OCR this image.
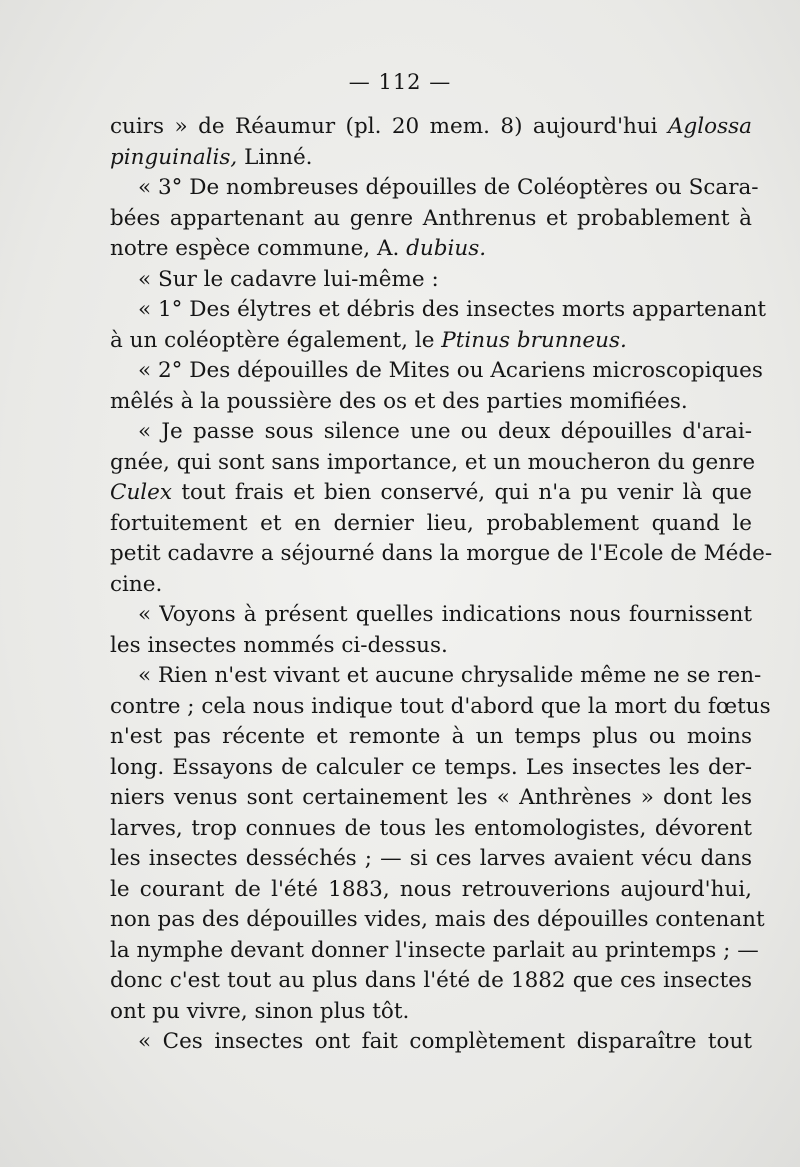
— 112 —
cuirs » de Réaumur (pl. 20 mem. 8) aujourd'hui Aglossa
pinguinalis, Linné.
« 3° De nombreuses dépouilles de Coléoptères ou Scara-
bées appartenant au genre Anthrenus et probablement à
notre espèce commune, A. dubius.
« Sur le cadavre lui-même :
« 1° Des élytres et débris des insectes morts appartenant
à un coléoptère également, le Ptinus brunneus.
« 2° Des dépouilles de Mites ou Acariens microscopiques
mêlés à la poussière des os et des parties momifiées.
« Je passe sous silence une ou deux dépouilles d'arai-
gnée, qui sont sans importance, et un moucheron du genre
Culex tout frais et bien conservé, qui n'a pu venir là que
fortuitement et en dernier lieu, probablement quand le
petit cadavre a séjourné dans la morgue de l'Ecole de Méde-
cine.
« Voyons à présent quelles indications nous fournissent
les insectes nommés ci-dessus.
« Rien n'est vivant et aucune chrysalide même ne se ren-
contre ; cela nous indique tout d'abord que la mort du fœtus
n'est pas récente et remonte à un temps plus ou moins
long. Essayons de calculer ce temps. Les insectes les der-
niers venus sont certainement les « Anthrènes » dont les
larves, trop connues de tous les entomologistes, dévorent
les insectes desséchés ; — si ces larves avaient vécu dans
le courant de l'été 1883, nous retrouverions aujourd'hui,
non pas des dépouilles vides, mais des dépouilles contenant
la nymphe devant donner l'insecte parlait au printemps ; —
donc c'est tout au plus dans l'été de 1882 que ces insectes
ont pu vivre, sinon plus tôt.
« Ces insectes ont fait complètement disparaître tout
